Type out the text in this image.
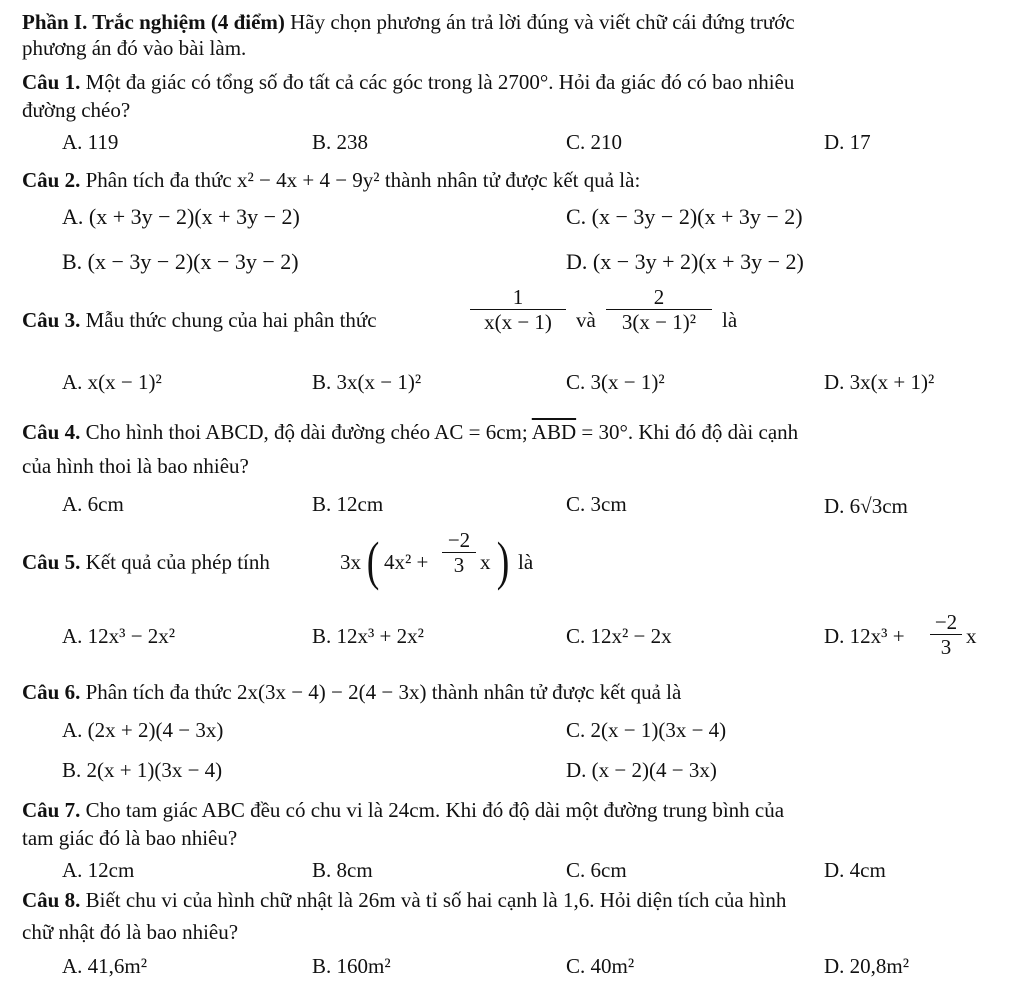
Phần I. Trắc nghiệm (4 điểm) Hãy chọn phương án trả lời đúng và viết chữ cái đứng trước
phương án đó vào bài làm.
Câu 1. Một đa giác có tổng số đo tất cả các góc trong là 2700°. Hỏi đa giác đó có bao nhiêu
đường chéo?
A. 119	B. 238	C. 210	D. 17
Câu 2. Phân tích đa thức x² − 4x + 4 − 9y² thành nhân tử được kết quả là:
A. (x + 3y − 2)(x + 3y − 2)	C. (x − 3y − 2)(x + 3y − 2)
B. (x − 3y − 2)(x − 3y − 2)	D. (x − 3y + 2)(x + 3y − 2)
Câu 3. Mẫu thức chung của hai phân thức	$\frac{1}{x(x - 1)}$ và $\frac{2}{\text{3(x − 1)²}}$ là
A. x(x − 1)²	B. 3x(x − 1)²	C. 3(x − 1)²	D. 3x(x + 1)²
Câu 4. Cho hình thoi ABCD, độ dài đường chéo AC = 6cm; $\overline{ABD} = 30^\circ$. Khi đó độ dài cạnh
của hình thoi là bao nhiêu?
A. 6cm	B. 12cm	C. 3cm	D. 6√3cm
Câu 5. Kết quả của phép tính	3x ( $4x^2 + \frac{-2}{3}$ x ) là
A. 12x³ − 2x²	B. 12x³ + 2x²	C. 12x² − 2x	D. $12x^3 + \frac{-2}{3}$ x
Câu 6. Phân tích đa thức 2x(3x − 4) − 2(4 − 3x) thành nhân tử được kết quả là
A. (2x + 2)(4 − 3x)	C. 2(x − 1)(3x − 4)
B. 2(x + 1)(3x − 4)	D. (x − 2)(4 − 3x)
Câu 7. Cho tam giác ABC đều có chu vi là 24cm. Khi đó độ dài một đường trung bình của
tam giác đó là bao nhiêu?
A. 12cm	B. 8cm	C. 6cm	D. 4cm
Câu 8. Biết chu vi của hình chữ nhật là 26m và tỉ số hai cạnh là 1,6. Hỏi diện tích của hình
chữ nhật đó là bao nhiêu?
A. 41,6m²	B. 160m²	C. 40m²	D. 20,8m²
